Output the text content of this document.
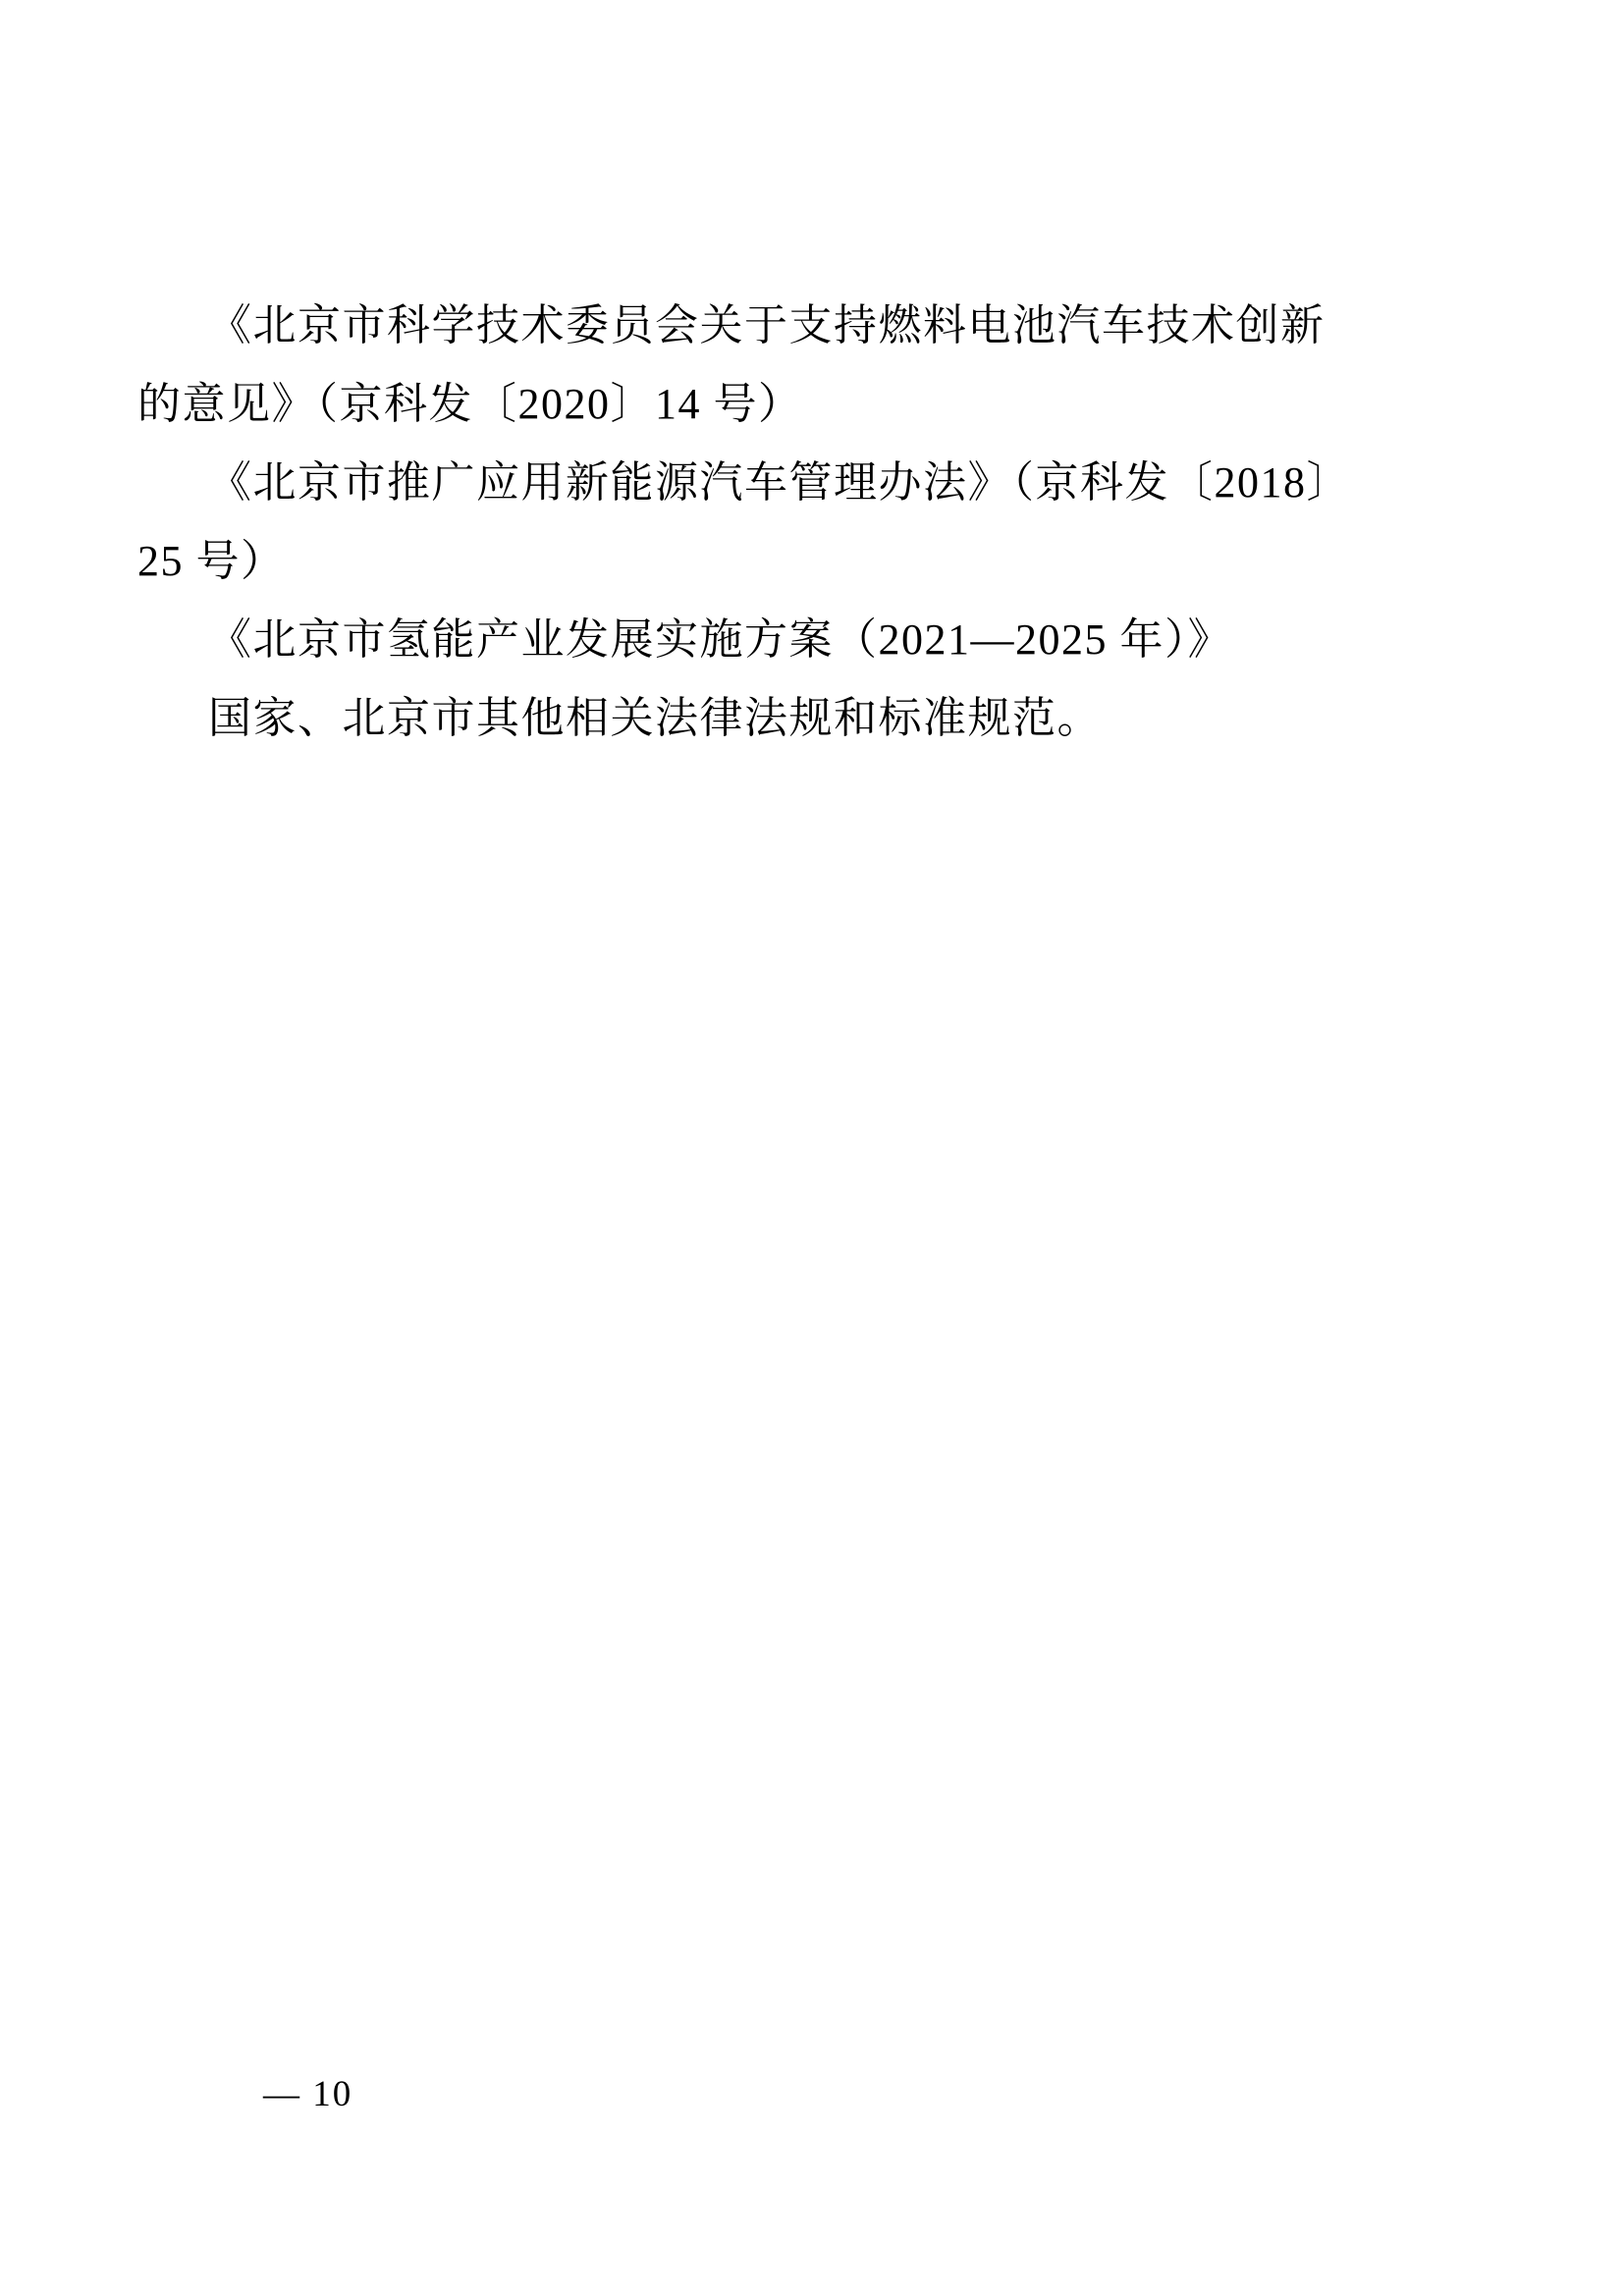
《北京市科学技术委员会关于支持燃料电池汽车技术创新
的意见》（京科发〔2020〕14 号）
《北京市推广应用新能源汽车管理办法》（京科发〔2018〕
25 号）
《北京市氢能产业发展实施方案（2021—2025 年）》
国家、北京市其他相关法律法规和标准规范。
— 10
